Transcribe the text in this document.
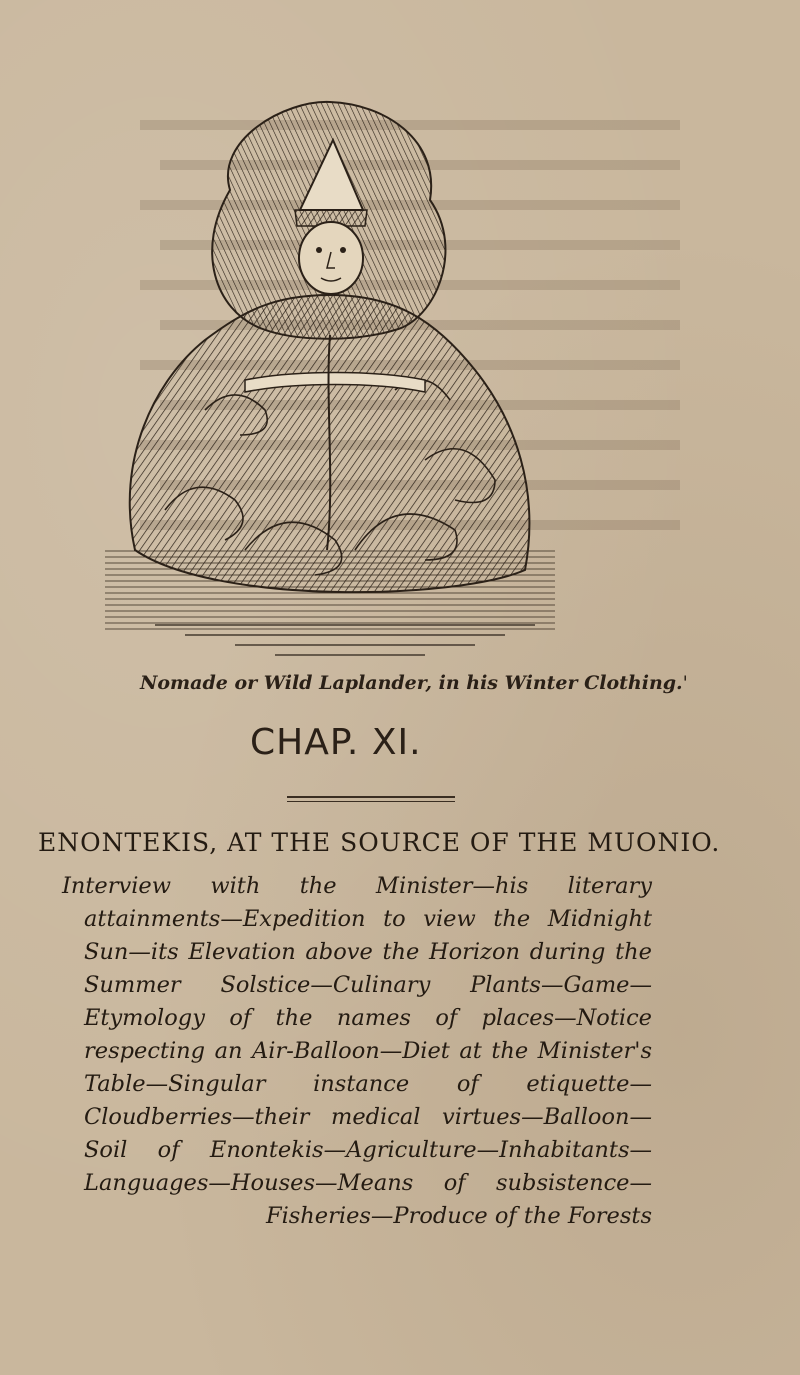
Nomade or Wild Laplander, in his Winter Clothing.'
CHAP. XI.
ENONTEKIS, AT THE SOURCE OF THE MUONIO.
Interview with the Minister—his literary attainments—Expedition to view the Midnight Sun—its Elevation above the Horizon during the Summer Solstice—Culinary Plants—Game—Etymology of the names of places—Notice respecting an Air-Balloon—Diet at the Minister's Table—Singular instance of etiquette—Cloudberries—their medical virtues—Balloon—Soil of Enontekis—Agriculture—Inhabitants—Languages—Houses—Means of subsistence—Fisheries—Produce of the Forests
